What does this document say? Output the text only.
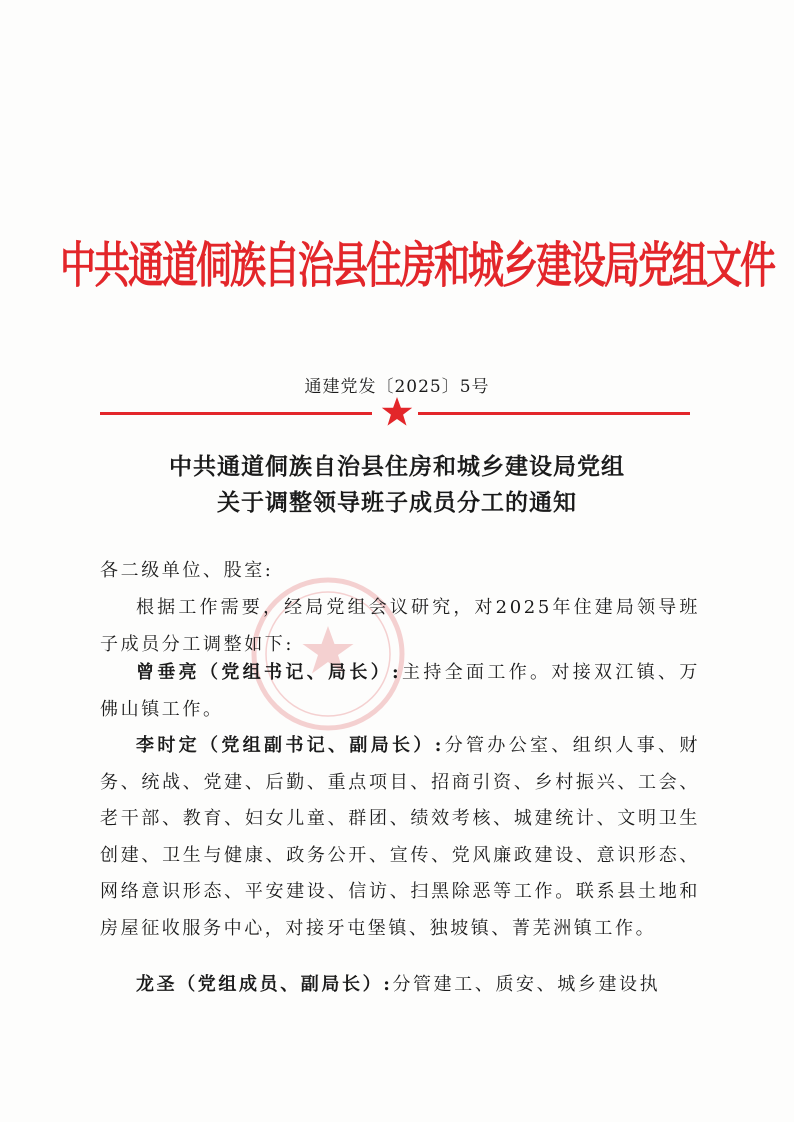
中共通道侗族自治县住房和城乡建设局党组文件
通建党发〔2025〕5号
中共通道侗族自治县住房和城乡建设局党组
关于调整领导班子成员分工的通知
各二级单位、股室:
根据工作需要，经局党组会议研究，对2025年住建局领导班子成员分工调整如下:
曾垂亮（党组书记、局长）:主持全面工作。对接双江镇、万佛山镇工作。
李时定（党组副书记、副局长）:分管办公室、组织人事、财务、统战、党建、后勤、重点项目、招商引资、乡村振兴、工会、老干部、教育、妇女儿童、群团、绩效考核、城建统计、文明卫生创建、卫生与健康、政务公开、宣传、党风廉政建设、意识形态、网络意识形态、平安建设、信访、扫黑除恶等工作。联系县土地和房屋征收服务中心，对接牙屯堡镇、独坡镇、菁芜洲镇工作。
龙圣（党组成员、副局长）:分管建工、质安、城乡建设执
